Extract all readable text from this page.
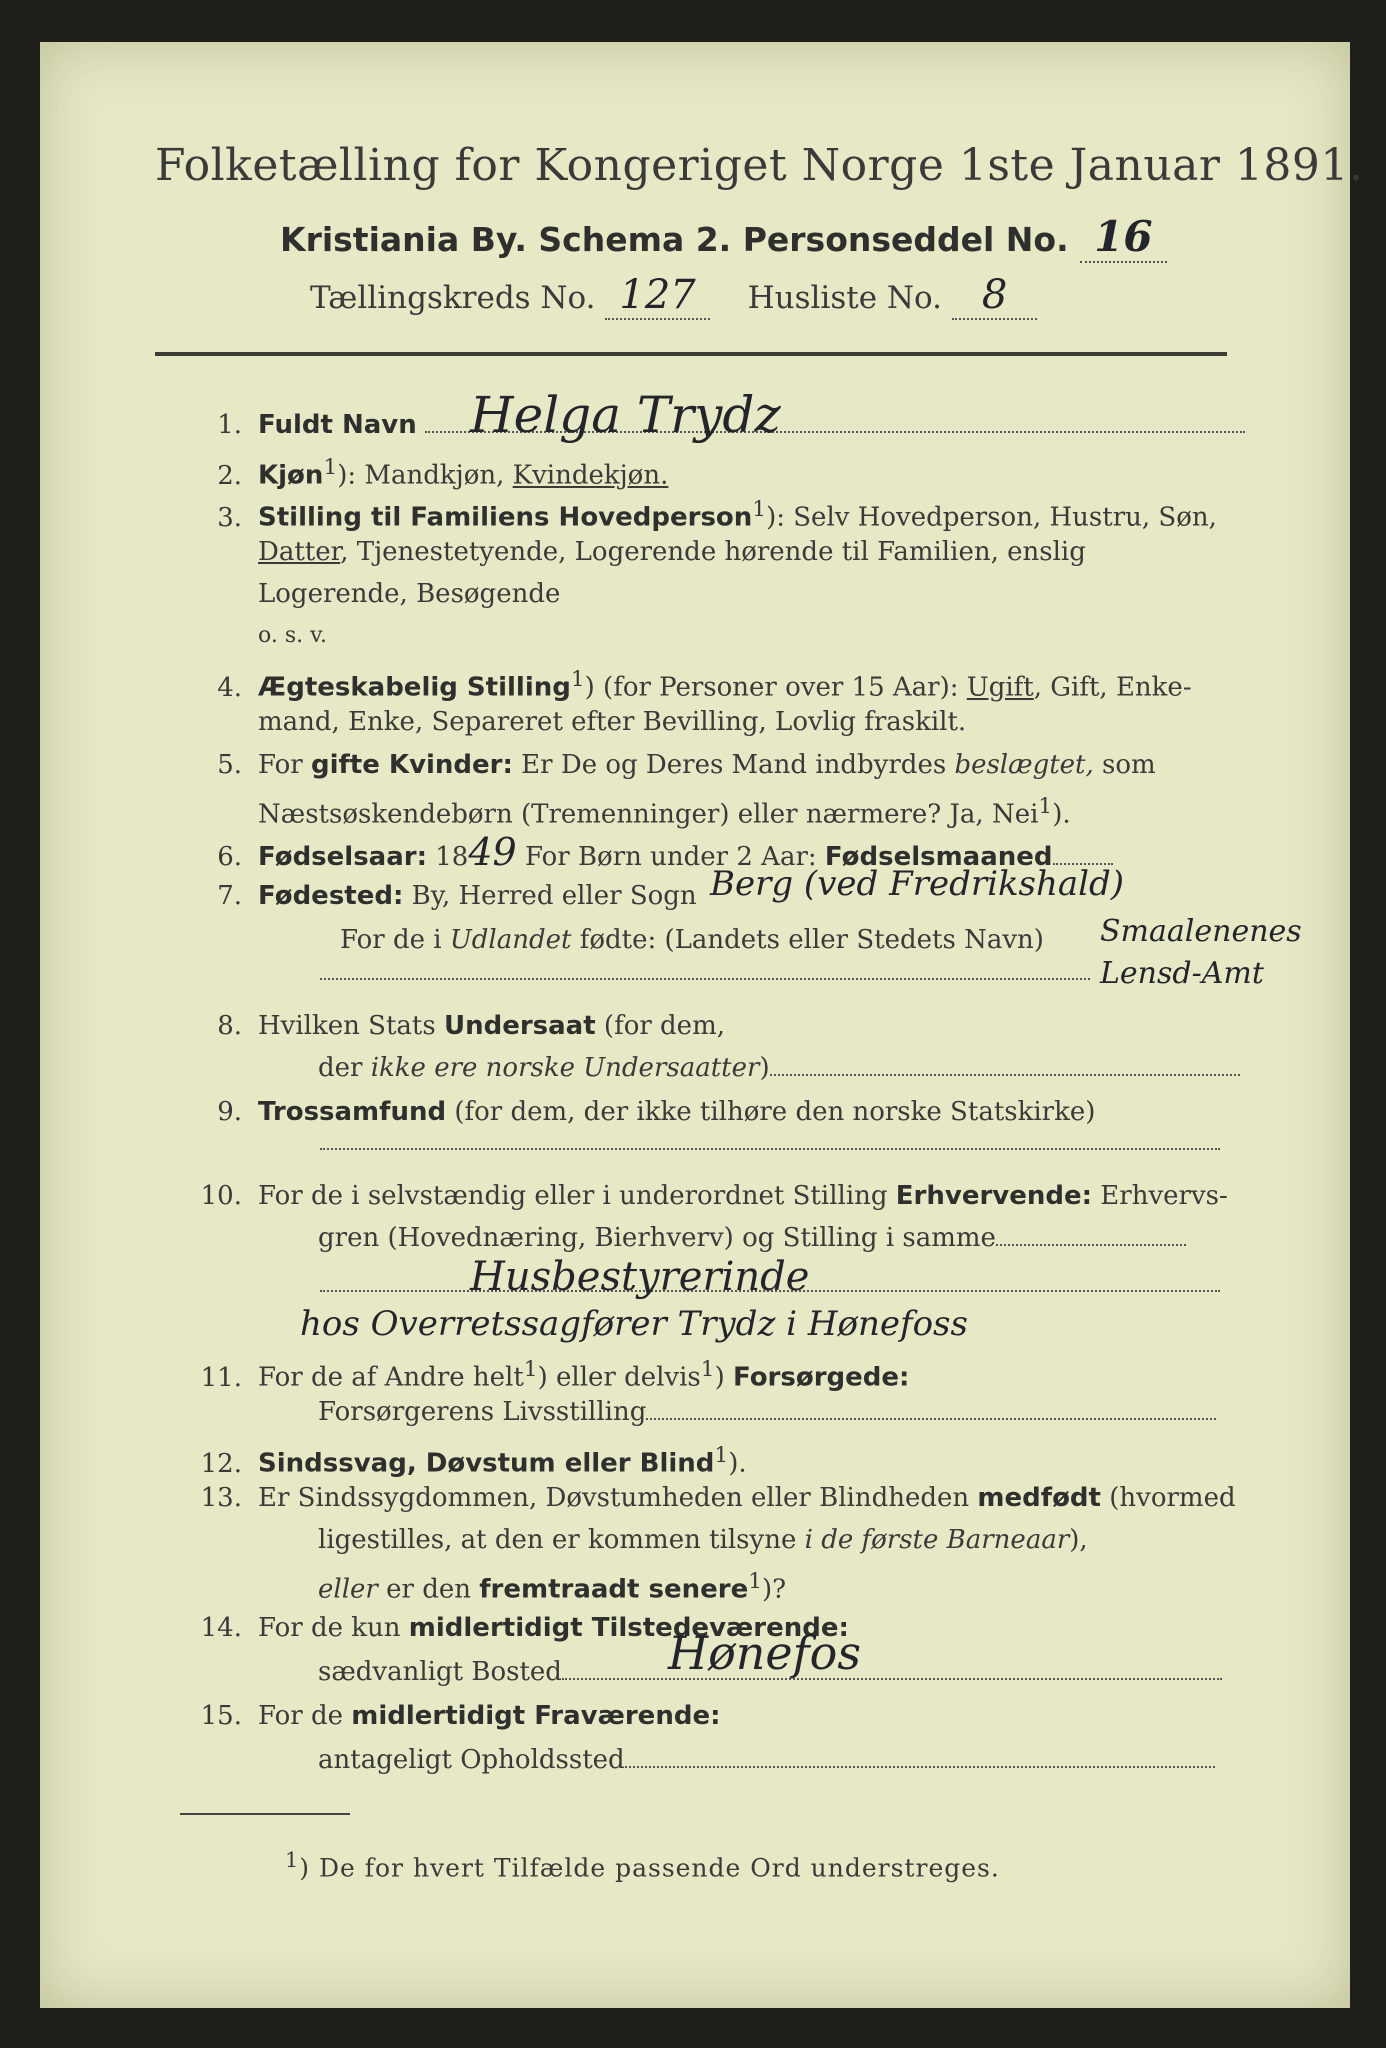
Folketælling for Kongeriget Norge 1ste Januar 1891.
Kristiania By. Schema 2. Personseddel No. 16
Tællingskreds No. 127 Husliste No. 8
1. Fuldt Navn	Helga Trydz
2. Kjøn$^1$): Mandkjøn, Kvindekjøn.
3. Stilling til Familiens Hovedperson$^1$): Selv Hovedperson, Hustru, Søn,
Datter, Tjenestetyende, Logerende hørende til Familien, enslig
Logerende, Besøgende
o. s. v.
4. Ægteskabelig Stilling$^1$) (for Personer over 15 Aar): Ugift, Gift, Enke-
mand, Enke, Separeret efter Bevilling, Lovlig fraskilt.
5. For gifte Kvinder: Er De og Deres Mand indbyrdes beslægtet, som
Næstsøskendebørn (Tremenninger) eller nærmere? Ja, Nei$^1$).
6. Fødselsaar: 1849 For Børn under 2 Aar: Fødselsmaaned
7. Fødested: By, Herred eller Sogn Berg (ved Fredrikshald)
For de i Udlandet fødte: (Landets eller Stedets Navn) Smaalenenes
Lensd-Amt
8. Hvilken Stats Undersaat (for dem,
der ikke ere norske Undersaatter)
9. Trossamfund (for dem, der ikke tilhøre den norske Statskirke)
10. For de i selvstændig eller i underordnet Stilling Erhvervende: Erhvervs-
gren (Hovednæring, Bierhverv) og Stilling i samme
Husbestyrerinde
hos Overretssagfører Trydz i Hønefoss
11. For de af Andre helt$^1$) eller delvis$^1$) Forsørgede:
Forsørgerens Livsstilling
12. Sindssvag, Døvstum eller Blind$^1$).
13. Er Sindssygdommen, Døvstumheden eller Blindheden medfødt (hvormed
ligestilles, at den er kommen tilsyne i de første Barneaar),
eller er den fremtraadt senere$^1$)?
14. For de kun midlertidigt Tilstedeværende:
sædvanligt Bosted	Hønefos
15. For de midlertidigt Fraværende:
antageligt Opholdssted
$^1$) De for hvert Tilfælde passende Ord understreges.
